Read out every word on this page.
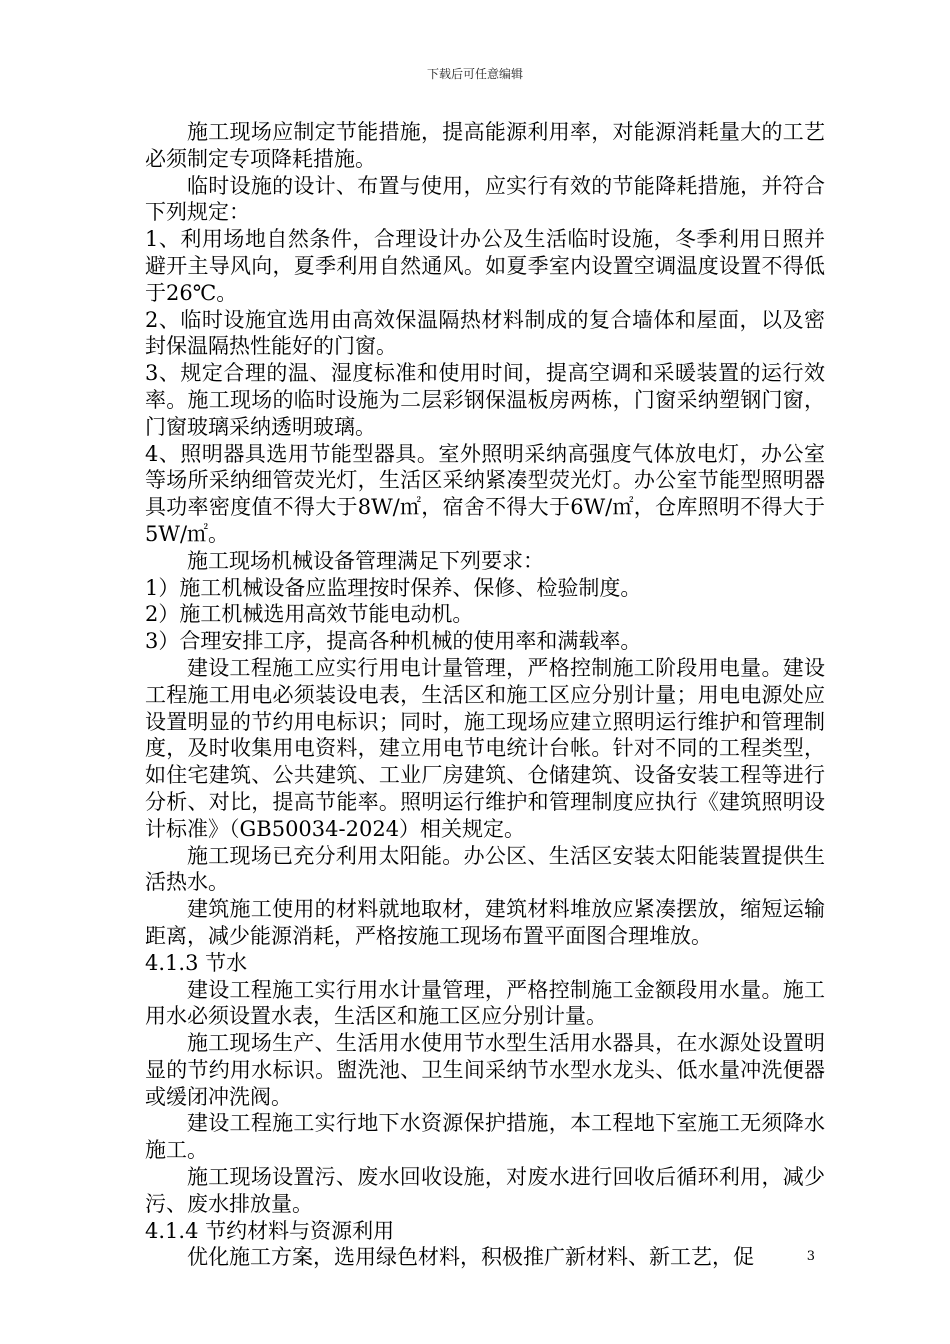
下载后可任意编辑

施工现场应制定节能措施，提高能源利用率，对能源消耗量大的工艺必须制定专项降耗措施。

临时设施的设计、布置与使用，应实行有效的节能降耗措施，并符合下列规定：

1、利用场地自然条件，合理设计办公及生活临时设施，冬季利用日照并避开主导风向，夏季利用自然通风。如夏季室内设置空调温度设置不得低于26℃。

2、临时设施宜选用由高效保温隔热材料制成的复合墙体和屋面，以及密封保温隔热性能好的门窗。

3、规定合理的温、湿度标准和使用时间，提高空调和采暖装置的运行效率。施工现场的临时设施为二层彩钢保温板房两栋，门窗采纳塑钢门窗，门窗玻璃采纳透明玻璃。

4、照明器具选用节能型器具。室外照明采纳高强度气体放电灯，办公室等场所采纳细管荧光灯，生活区采纳紧凑型荧光灯。办公室节能型照明器具功率密度值不得大于8W/㎡，宿舍不得大于6W/㎡，仓库照明不得大于5W/㎡。

施工现场机械设备管理满足下列要求：

1）施工机械设备应监理按时保养、保修、检验制度。

2）施工机械选用高效节能电动机。

3）合理安排工序，提高各种机械的使用率和满载率。

建设工程施工应实行用电计量管理，严格控制施工阶段用电量。建设工程施工用电必须装设电表，生活区和施工区应分别计量；用电电源处应设置明显的节约用电标识；同时，施工现场应建立照明运行维护和管理制度，及时收集用电资料，建立用电节电统计台帐。针对不同的工程类型，如住宅建筑、公共建筑、工业厂房建筑、仓储建筑、设备安装工程等进行分析、对比，提高节能率。照明运行维护和管理制度应执行《建筑照明设计标准》（GB50034-2024）相关规定。

施工现场已充分利用太阳能。办公区、生活区安装太阳能装置提供生活热水。

建筑施工使用的材料就地取材，建筑材料堆放应紧凑摆放，缩短运输距离，减少能源消耗，严格按施工现场布置平面图合理堆放。

4.1.3 节水

建设工程施工实行用水计量管理，严格控制施工金额段用水量。施工用水必须设置水表，生活区和施工区应分别计量。

施工现场生产、生活用水使用节水型生活用水器具，在水源处设置明显的节约用水标识。盥洗池、卫生间采纳节水型水龙头、低水量冲洗便器或缓闭冲洗阀。

建设工程施工实行地下水资源保护措施，本工程地下室施工无须降水施工。

施工现场设置污、废水回收设施，对废水进行回收后循环利用，减少污、废水排放量。

4.1.4 节约材料与资源利用

优化施工方案，选用绿色材料，积极推广新材料、新工艺，促	3
